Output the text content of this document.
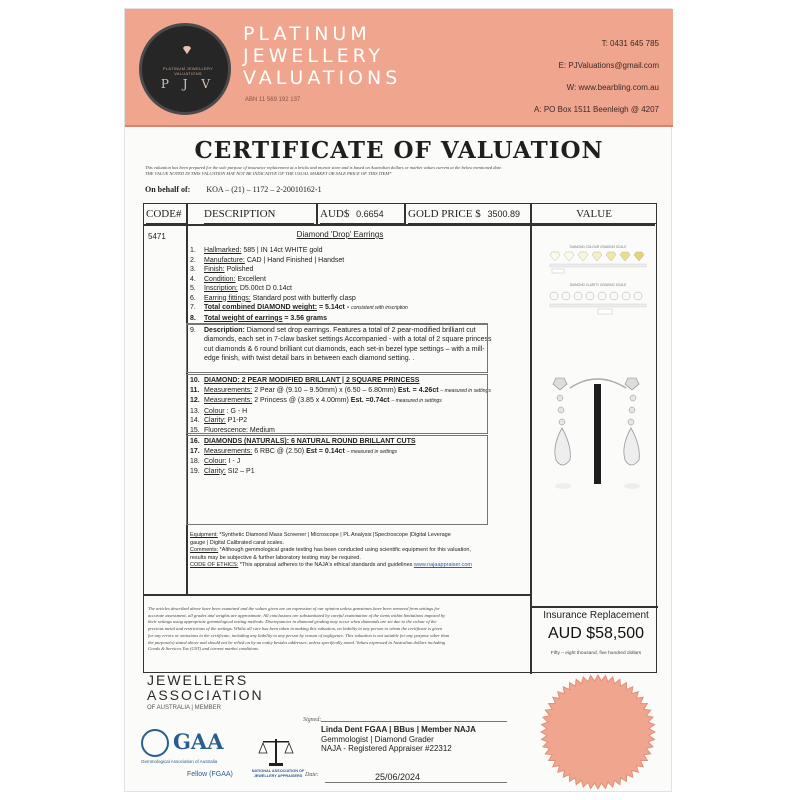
PLATINUM JEWELLERY VALUATIONS
P J V
PLATINUM
JEWELLERY
VALUATIONS
ABN 11 569 192 137
T: 0431 645 785
E: PJValuations@gmail.com
W: www.bearbling.com.au
A: PO Box 1511 Beenleigh @ 4207
CERTIFICATE OF VALUATION
This valuation has been prepared for the sole purpose of insurance replacement at a bricks and mortar store and is based on Australian dollars or market values current at the below mentioned date.
THE VALUE NOTED IN THIS VALUATION MAY NOT BE INDICATIVE OF THE USUAL MARKET OR SALE PRICE OF THIS ITEM*
On behalf of: KOA – (21) – 1172 – 2-20010162-1
CODE#	DESCRIPTION	AUD$ 0.6654	GOLD PRICE $ 3500.89	VALUE
5471	Diamond 'Drop' Earrings
1. Hallmarked: 585 | IN 14ct WHITE gold
2. Manufacture: CAD | Hand Finished | Handset
3. Finish: Polished
4. Condition: Excellent
5. Inscription: D5.00ct D 0.14ct
6. Earring fittings: Standard post with butterfly clasp
7. Total combined DIAMOND weight: = 5.14ct - consistent with inscription
8. Total weight of earrings = 3.56 grams
9. Description: Diamond set drop earrings. Features a total of 2 pear-modified brilliant cut

diamonds, each set in 7-claw basket settings Accompanied - with a total of 2 square princess
cut diamonds & 6 round brilliant cut diamonds, each set-in bezel type settings – with a mill-
edge finish, with twist detail bars in between each diamond setting. .
10. DIAMOND: 2 PEAR MODIFIED BRILLANT | 2 SQUARE PRINCESS
11. Measurements: 2 Pear @ (9.10 – 9.50mm) x (6.50 – 6.80mm) Est. = 4.26ct – measured in settings
12. Measurements: 2 Princess @ (3.85 x 4.00mm) Est. =0.74ct – measured in settings
13. Colour : G - H
14. Clarity: P1-P2
15. Fluorescence: Medium
16. DIAMONDS (NATURALS): 6 NATURAL ROUND BRILLANT CUTS
17. Measurements: 6 RBC @ (2.50) Est = 0.14ct – measured in settings
18. Colour: I - J
19. Clarity: SI2 – P1
Equipment: *Synthetic Diamond Mass Screener | Microscope | PL Analysis |Spectroscope |Digital Leverage
gauge | Digital Calibrated carat scales.
Comments: *Although gemmological grade testing has been conducted using scientific equipment for this valuation,
results may be subjective & further laboratory testing may be required.
CODE OF ETHICS: *This appraisal adheres to the NAJA's ethical standards and guidelines www.najaappraiser.com
The articles described above have been examined and the values given are an expression of our opinion unless gemstones have been removed from settings for
accurate assessment, all grades and weights are approximate. All conclusions are substantiated by careful examination of the items within limitations imposed by
their settings using appropriate gemmological testing methods. Discrepancies in diamond grading may occur when diamonds are set due to the colour of the
precious metal and restrictions of the settings. Whilst all care has been taken in making this valuation, no liability to any person to whom the certificate is given
for any errors or omissions in the certificate, including any liability to any person by reason of negligence. This valuation is not suitable for any purpose other than
the purpose(s) stated above and should not be relied on by an entity besides addressee, unless specifically noted. Values expressed in Australian dollars including
Goods & Services Tax (GST) and current market conditions.
DIAMOND COLOUR GRADING SCALE
DIAMOND CLARITY GRADING SCALE
Insurance Replacement
AUD $58,500
Fifty – eight thousand, five hundred dollars
JEWELLERS
ASSOCIATION
OF AUSTRALIA | MEMBER
GAA
Gemmological Association of Australia
Fellow (FGAA)	NATIONAL ASSOCIATION OF JEWELLERY APPRAISERS
Signed:
Linda Dent FGAA | BBus | Member NAJA
Gemmologist | Diamond Grader
NAJA - Registered Appraiser #22312
Date:	25/06/2024
